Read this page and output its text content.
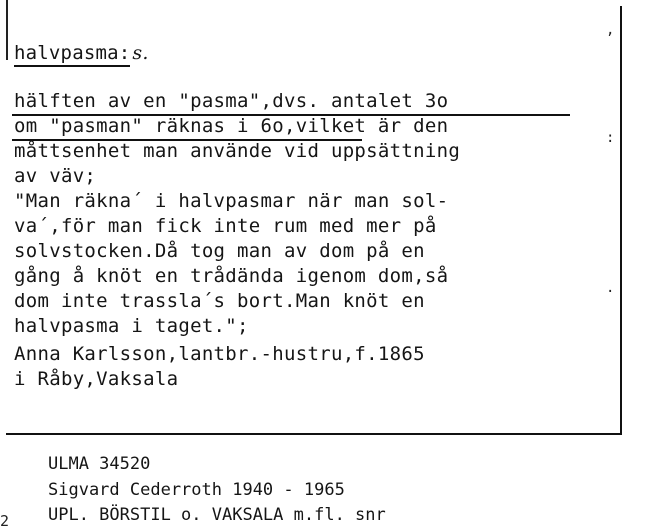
,
:
.
halvpasma: s.
hälften av en "pasma",dvs. antalet 3o
om "pasman" räknas i 6o,vilket är den
måttsenhet man använde vid uppsättning
av väv;
"Man räkna´ i halvpasmar när man sol-
va´,för man fick inte rum med mer på
solvstocken.Då tog man av dom på en
gång å knöt en trådända igenom dom,så
dom inte trassla´s bort.Man knöt en
halvpasma i taget.";
Anna Karlsson,lantbr.-hustru,f.1865
i Råby,Vaksala
ULMA 34520
Sigvard Cederroth 1940 - 1965
UPL. BÖRSTIL o. VAKSALA m.fl. snr
2
